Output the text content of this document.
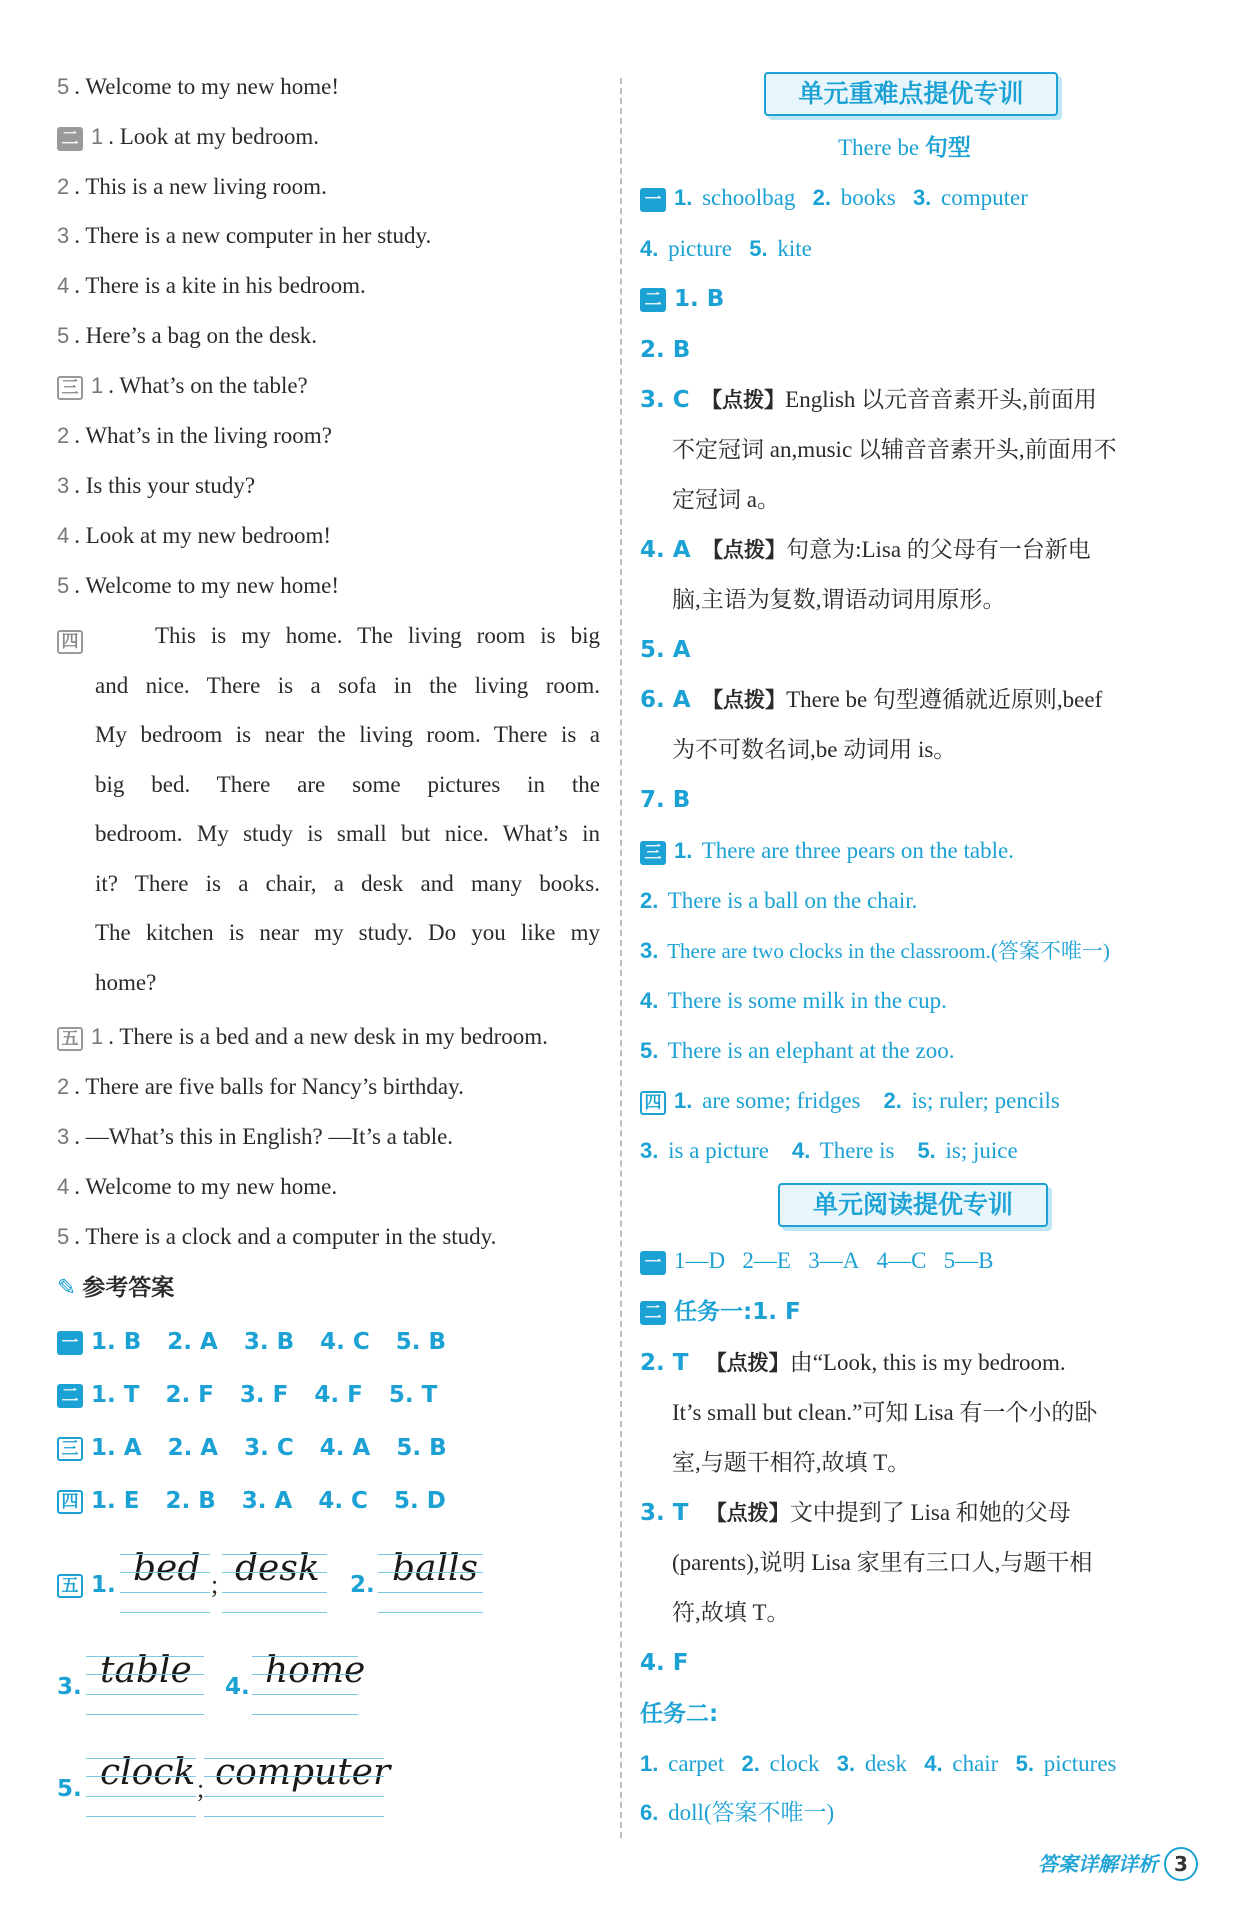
5 . Welcome to my new home!
二 1 . Look at my bedroom.
2 . This is a new living room.
3 . There is a new computer in her study.
4 . There is a kite in his bedroom.
5 . Here’s a bag on the desk.
三 1 . What’s on the table?
2 . What’s in the living room?
3 . Is this your study?
4 . Look at my new bedroom!
5 . Welcome to my new home!
四	This is my home. The living room is big
and nice. There is a sofa in the living room.
My bedroom is near the living room. There is a
big bed. There are some pictures in the
bedroom. My study is small but nice. What’s in
it? There is a chair, a desk and many books.
The kitchen is near my study. Do you like my
home?
五 1 . There is a bed and a new desk in my bedroom.
2 . There are five balls for Nancy’s birthday.
3 . —What’s this in English? —It’s a table.
4 . Welcome to my new home.
5 . There is a clock and a computer in the study.
✎ 参考答案
一 1. B 2. A 3. B 4. C 5. B
二 1. T 2. F 3. F 4. F 5. T
三 1. A 2. A 3. C 4. A 5. B
四 1. E 2. B 3. A 4. C 5. D
五 1. bed ; desk 2. balls
3. table 4. home
5. clock ; computer
单元重难点提优专训
There be 句型
一 1. schoolbag 2. books 3. computer
4. picture 5. kite
二 1. B
2. B
3. C 【点拨】English 以元音音素开头,前面用
不定冠词 an,music 以辅音音素开头,前面用不
定冠词 a。
4. A 【点拨】句意为:Lisa 的父母有一台新电
脑,主语为复数,谓语动词用原形。
5. A
6. A 【点拨】There be 句型遵循就近原则,beef
为不可数名词,be 动词用 is。
7. B
三 1. There are three pears on the table.
2. There is a ball on the chair.
3. There are two clocks in the classroom.(答案不唯一)
4. There is some milk in the cup.
5. There is an elephant at the zoo.
四 1. are some; fridges 2. is; ruler; pencils
3. is a picture 4. There is 5. is; juice
单元阅读提优专训
一 1—D 2—E 3—A 4—C 5—B
二 任务一:1. F
2. T 【点拨】由“Look, this is my bedroom.
It’s small but clean.”可知 Lisa 有一个小的卧
室,与题干相符,故填 T。
3. T 【点拨】文中提到了 Lisa 和她的父母
(parents),说明 Lisa 家里有三口人,与题干相
符,故填 T。
4. F
任务二:
1. carpet 2. clock 3. desk 4. chair 5. pictures
6. doll(答案不唯一)
答案详解详析 3
